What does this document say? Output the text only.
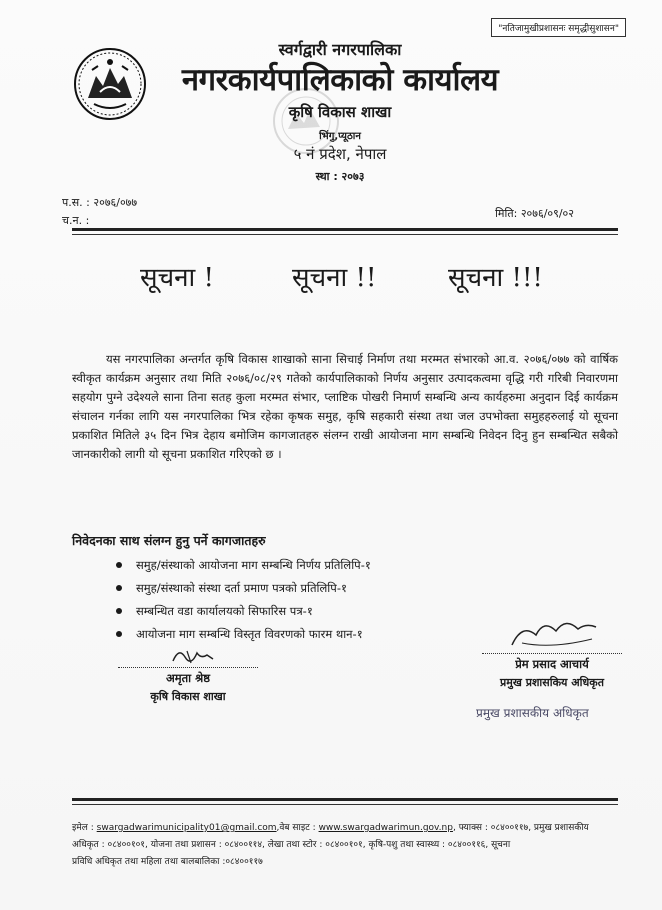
"नतिजामुखीप्रशासनः समृद्धीसुशासन"
स्वर्गद्वारी नगरपालिका
नगरकार्यपालिकाको कार्यालय
कृषि विकास शाखा
भिंगु,प्यूठान
५ नं प्रदेश, नेपाल
स्था : २०७३
प.स. : २०७६/०७७
च.न. :
मिति: २०७६/०९/०२
सूचना !	सूचना !!	सूचना !!!

यस नगरपालिका अन्तर्गत कृषि विकास शाखाको साना सिचाई निर्माण तथा मरम्मत संभारको आ.व. २०७६/०७७ को वार्षिक स्वीकृत कार्यक्रम अनुसार तथा मिति २०७६/०८/२९ गतेको कार्यपालिकाको निर्णय अनुसार उत्पादकत्वमा वृद्धि गरी गरिबी निवारणमा सहयोग पुग्ने उदेश्यले साना तिना सतह कुला मरम्मत संभार, प्लाष्टिक पोखरी निमार्ण सम्बन्धि अन्य कार्यहरुमा अनुदान दिई कार्यक्रम संचालन गर्नका लागि यस नगरपालिका भित्र रहेका कृषक समुह, कृषि सहकारी संस्था तथा जल उपभोक्ता समुहहरुलाई यो सूचना प्रकाशित मितिले ३५ दिन भित्र देहाय बमोजिम कागजातहरु संलग्न राखी आयोजना माग सम्बन्धि निवेदन दिनु हुन सम्बन्धित सबैको जानकारीको लागी यो सूचना प्रकाशित गरिएको छ ।

निवेदनका साथ संलग्न हुनु पर्ने कागजातहरु
समुह/संस्थाको आयोजना माग सम्बन्धि निर्णय प्रतिलिपि-१
समुह/संस्थाको संस्था दर्ता प्रमाण पत्रको प्रतिलिपि-१
सम्बन्धित वडा कार्यालयको सिफारिस पत्र-१
आयोजना माग सम्बन्धि विस्तृत विवरणको फारम थान-१
अमृता श्रेष्ठ
कृषि विकास शाखा
प्रेम प्रसाद आचार्य
प्रमुख प्रशासकिय अधिकृत
प्रमुख प्रशासकीय अधिकृत
इमेल : swargadwarimunicipality01@gmail.com,वेब साइट : www.swargadwarimun.gov.np, फ्याक्स : ०८४००११७, प्रमुख प्रशासकीय
अधिकृत : ०८४००१०१, योजना तथा प्रशासन : ०८४००११४, लेखा तथा स्टोर : ०८४००१०१, कृषि-पशु तथा स्वास्थ्य : ०८४००११६, सूचना
प्रविधि अधिकृत तथा महिला तथा बालबालिका :०८४००११७
